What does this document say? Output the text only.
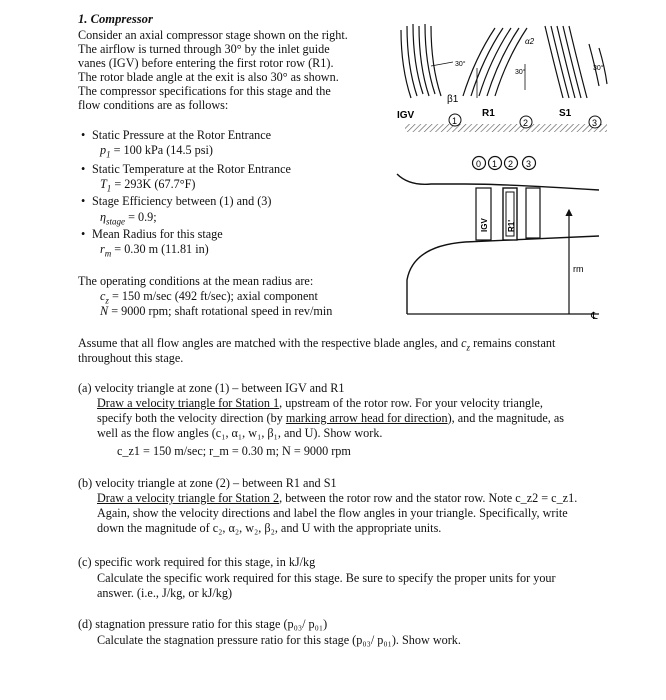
1. Compressor
Consider an axial compressor stage shown on the right.
The airflow is turned through 30° by the inlet guide
vanes (IGV) before entering the first rotor row (R1).
The rotor blade angle at the exit is also 30° as shown.
The compressor specifications for this stage and the
flow conditions are as follows:
• Static Pressure at the Rotor Entrance
$p_1 = 100$ kPa (14.5 psi)
• Static Temperature at the Rotor Entrance
$T_1 = 293K$ (67.7°F)
• Stage Efficiency between (1) and (3)
$\eta_{stage} = 0.9$;
• Mean Radius for this stage
$r_m = 0.30$ m (11.81 in)
The operating conditions at the mean radius are:
$c_z = 150$ m/sec (492 ft/sec); axial component
N = 9000 rpm; shaft rotational speed in rev/min
Assume that all flow angles are matched with the respective blade angles, and $c_z$ remains constant
throughout this stage.
(a) velocity triangle at zone (1) – between IGV and R1
Draw a velocity triangle for Station 1, upstream of the rotor row. For your velocity triangle,
specify both the velocity direction (by marking arrow head for direction), and the magnitude, as
well as the flow angles (c₁, α₁, w₁, β₁, and U). Show work.
c_z1 = 150 m/sec; r_m = 0.30 m; N = 9000 rpm
(b) velocity triangle at zone (2) – between R1 and S1
Draw a velocity triangle for Station 2, between the rotor row and the stator row. Note c_z2 = c_z1.
Again, show the velocity directions and label the flow angles in your triangle. Specifically, write
down the magnitude of c₂, α₂, w₂, β₂, and U with the appropriate units.
(c) specific work required for this stage, in kJ/kg
Calculate the specific work required for this stage. Be sure to specify the proper units for your
answer. (i.e., J/kg, or kJ/kg)
(d) stagnation pressure ratio for this stage (p₀₃/ p₀₁)
Calculate the stagnation pressure ratio for this stage (p₀₃/ p₀₁). Show work.
30°
30°
30°
α2
β1
IGV	R1	S1
1	2	3
0 1 2 3
IGV R1'
rm
℄
